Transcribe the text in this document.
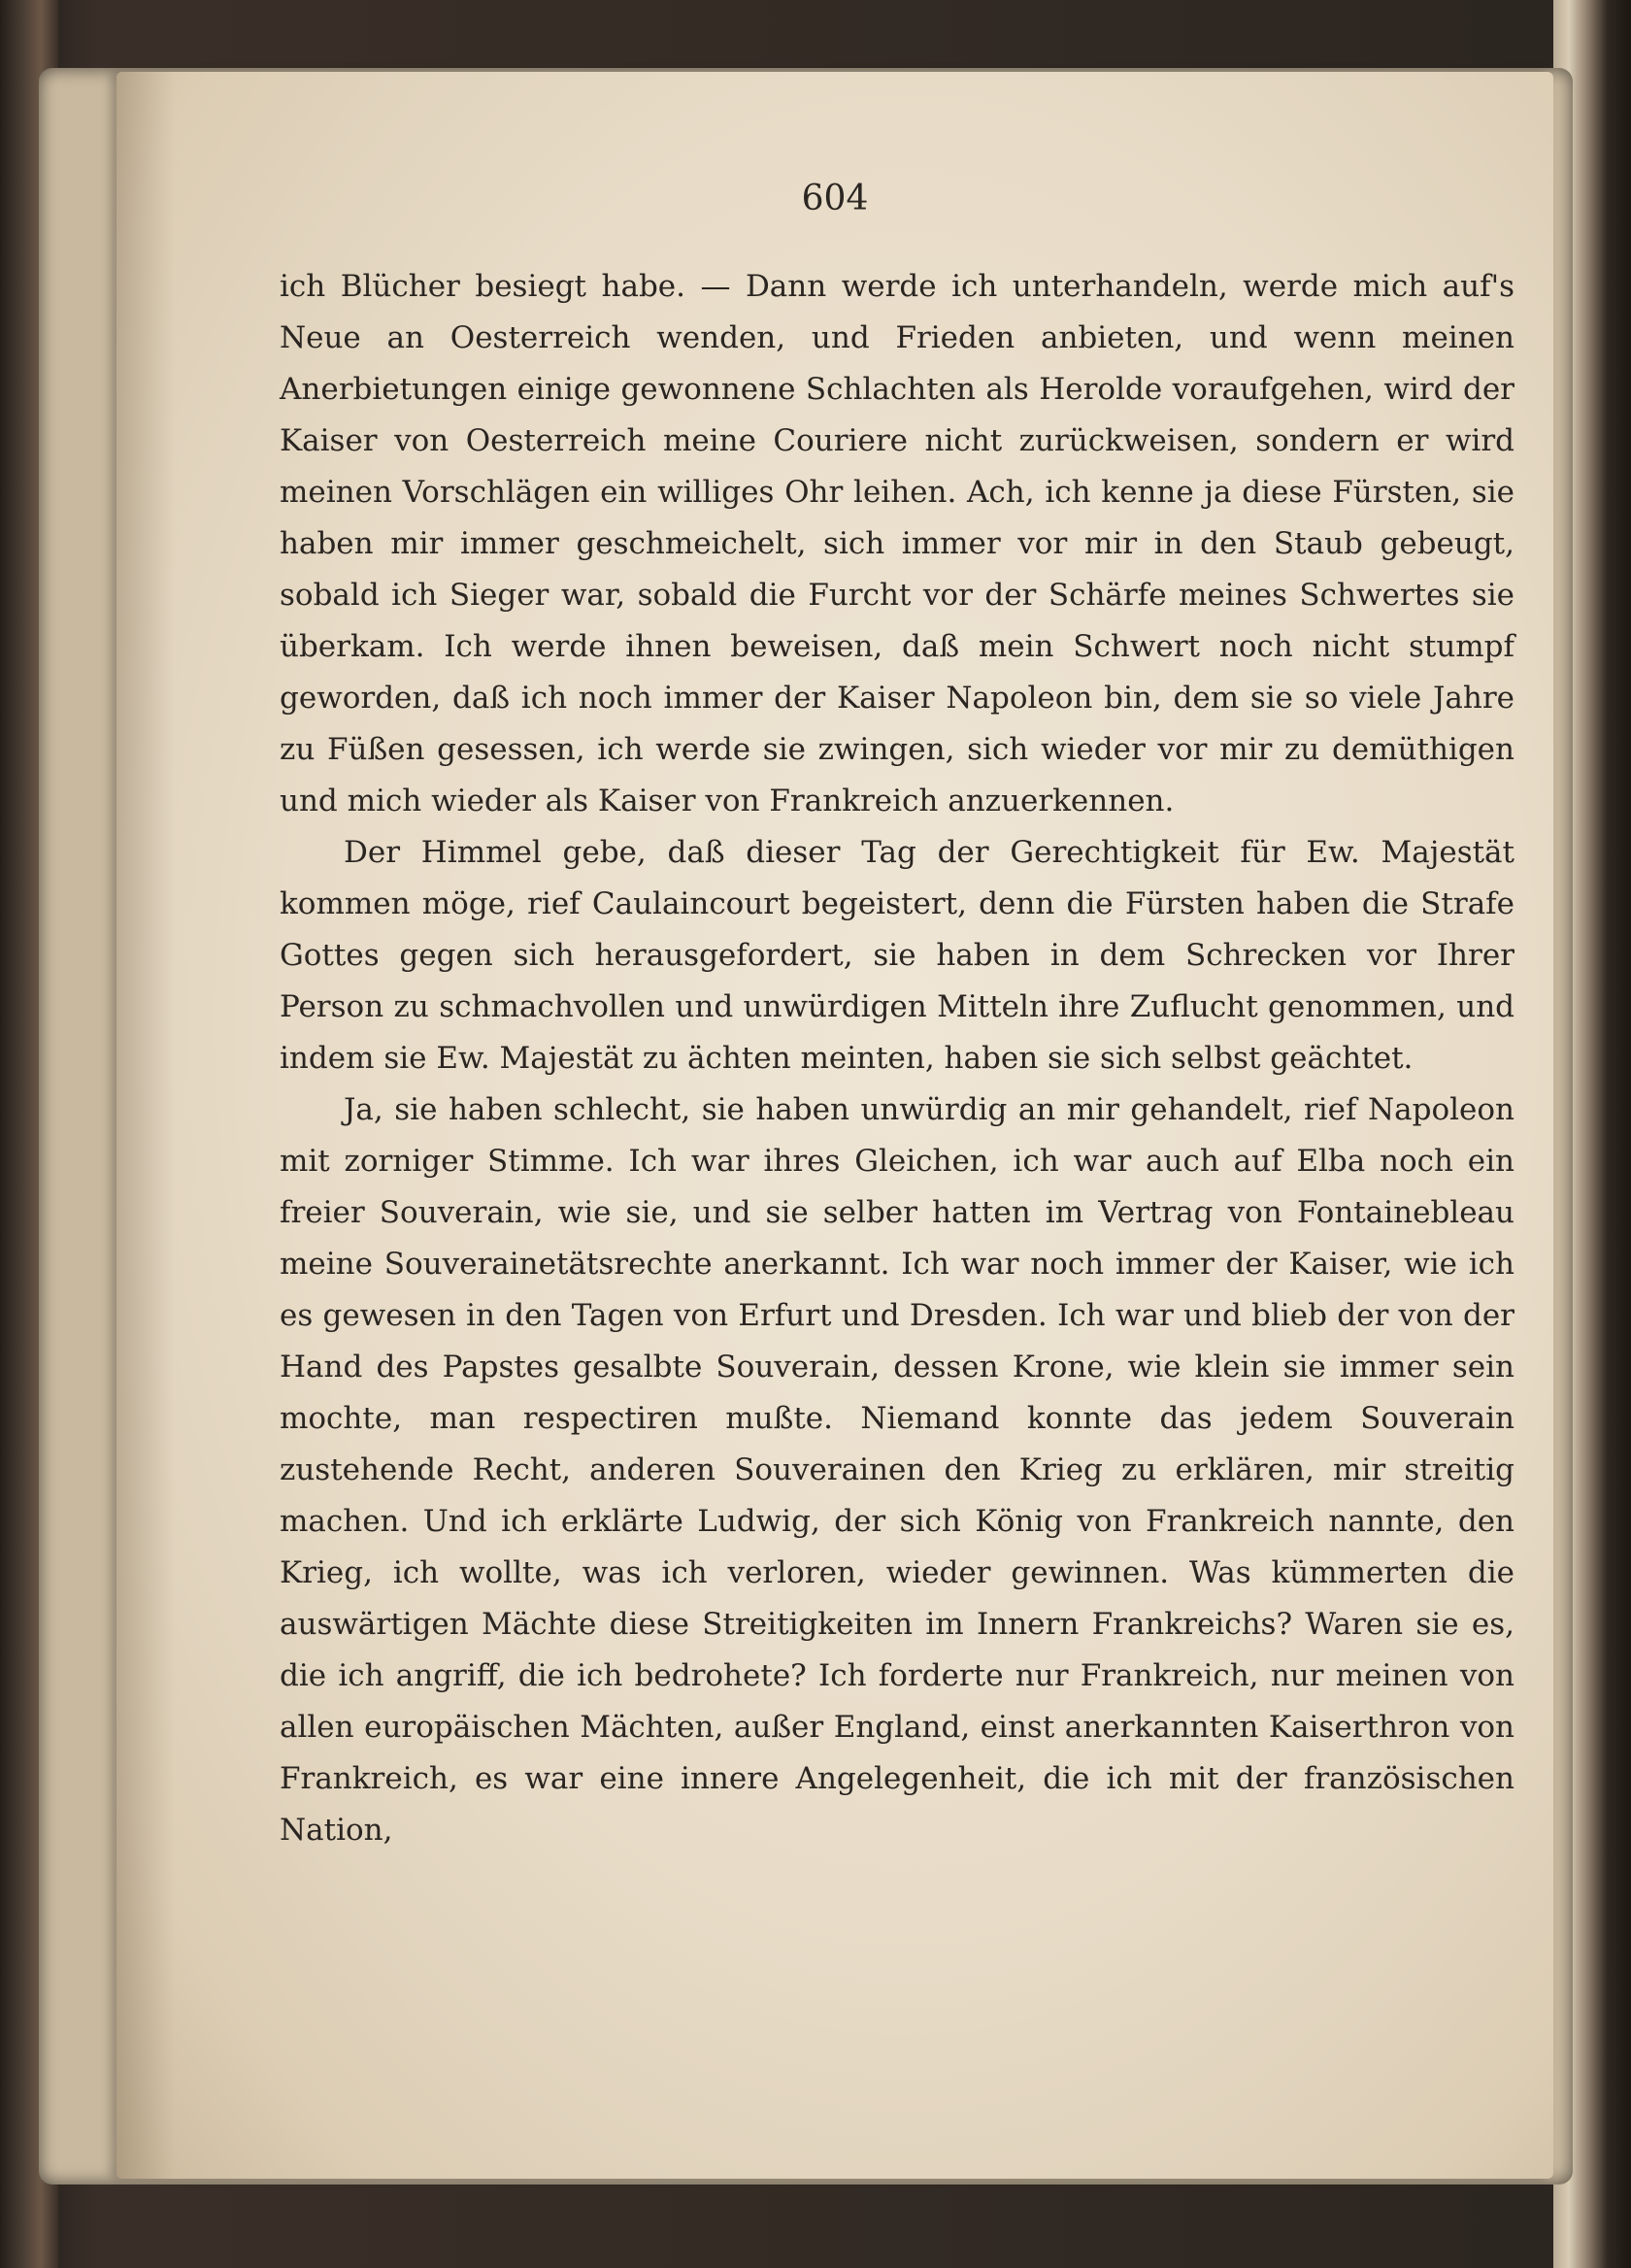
604

ich Blücher besiegt habe. — Dann werde ich unterhandeln, werde mich auf's Neue an Oesterreich wenden, und Frieden anbieten, und wenn meinen Anerbietungen einige gewonnene Schlachten als Herolde voraufgehen, wird der Kaiser von Oesterreich meine Couriere nicht zurückweisen, sondern er wird meinen Vorschlägen ein williges Ohr leihen. Ach, ich kenne ja diese Fürsten, sie haben mir immer geschmeichelt, sich immer vor mir in den Staub gebeugt, sobald ich Sieger war, sobald die Furcht vor der Schärfe meines Schwertes sie überkam. Ich werde ihnen beweisen, daß mein Schwert noch nicht stumpf geworden, daß ich noch immer der Kaiser Napoleon bin, dem sie so viele Jahre zu Füßen gesessen, ich werde sie zwingen, sich wieder vor mir zu demüthigen und mich wieder als Kaiser von Frankreich anzuerkennen.

Der Himmel gebe, daß dieser Tag der Gerechtigkeit für Ew. Majestät kommen möge, rief Caulaincourt begeistert, denn die Fürsten haben die Strafe Gottes gegen sich herausgefordert, sie haben in dem Schrecken vor Ihrer Person zu schmachvollen und unwürdigen Mitteln ihre Zuflucht genommen, und indem sie Ew. Majestät zu ächten meinten, haben sie sich selbst geächtet.

Ja, sie haben schlecht, sie haben unwürdig an mir gehandelt, rief Napoleon mit zorniger Stimme. Ich war ihres Gleichen, ich war auch auf Elba noch ein freier Souverain, wie sie, und sie selber hatten im Vertrag von Fontainebleau meine Souverainetätsrechte anerkannt. Ich war noch immer der Kaiser, wie ich es gewesen in den Tagen von Erfurt und Dresden. Ich war und blieb der von der Hand des Papstes gesalbte Souverain, dessen Krone, wie klein sie immer sein mochte, man respectiren mußte. Niemand konnte das jedem Souverain zustehende Recht, anderen Souverainen den Krieg zu erklären, mir streitig machen. Und ich erklärte Ludwig, der sich König von Frankreich nannte, den Krieg, ich wollte, was ich verloren, wieder gewinnen. Was kümmerten die auswärtigen Mächte diese Streitigkeiten im Innern Frankreichs? Waren sie es, die ich angriff, die ich bedrohete? Ich forderte nur Frankreich, nur meinen von allen europäischen Mächten, außer England, einst anerkannten Kaiserthron von Frankreich, es war eine innere Angelegenheit, die ich mit der französischen Nation,
